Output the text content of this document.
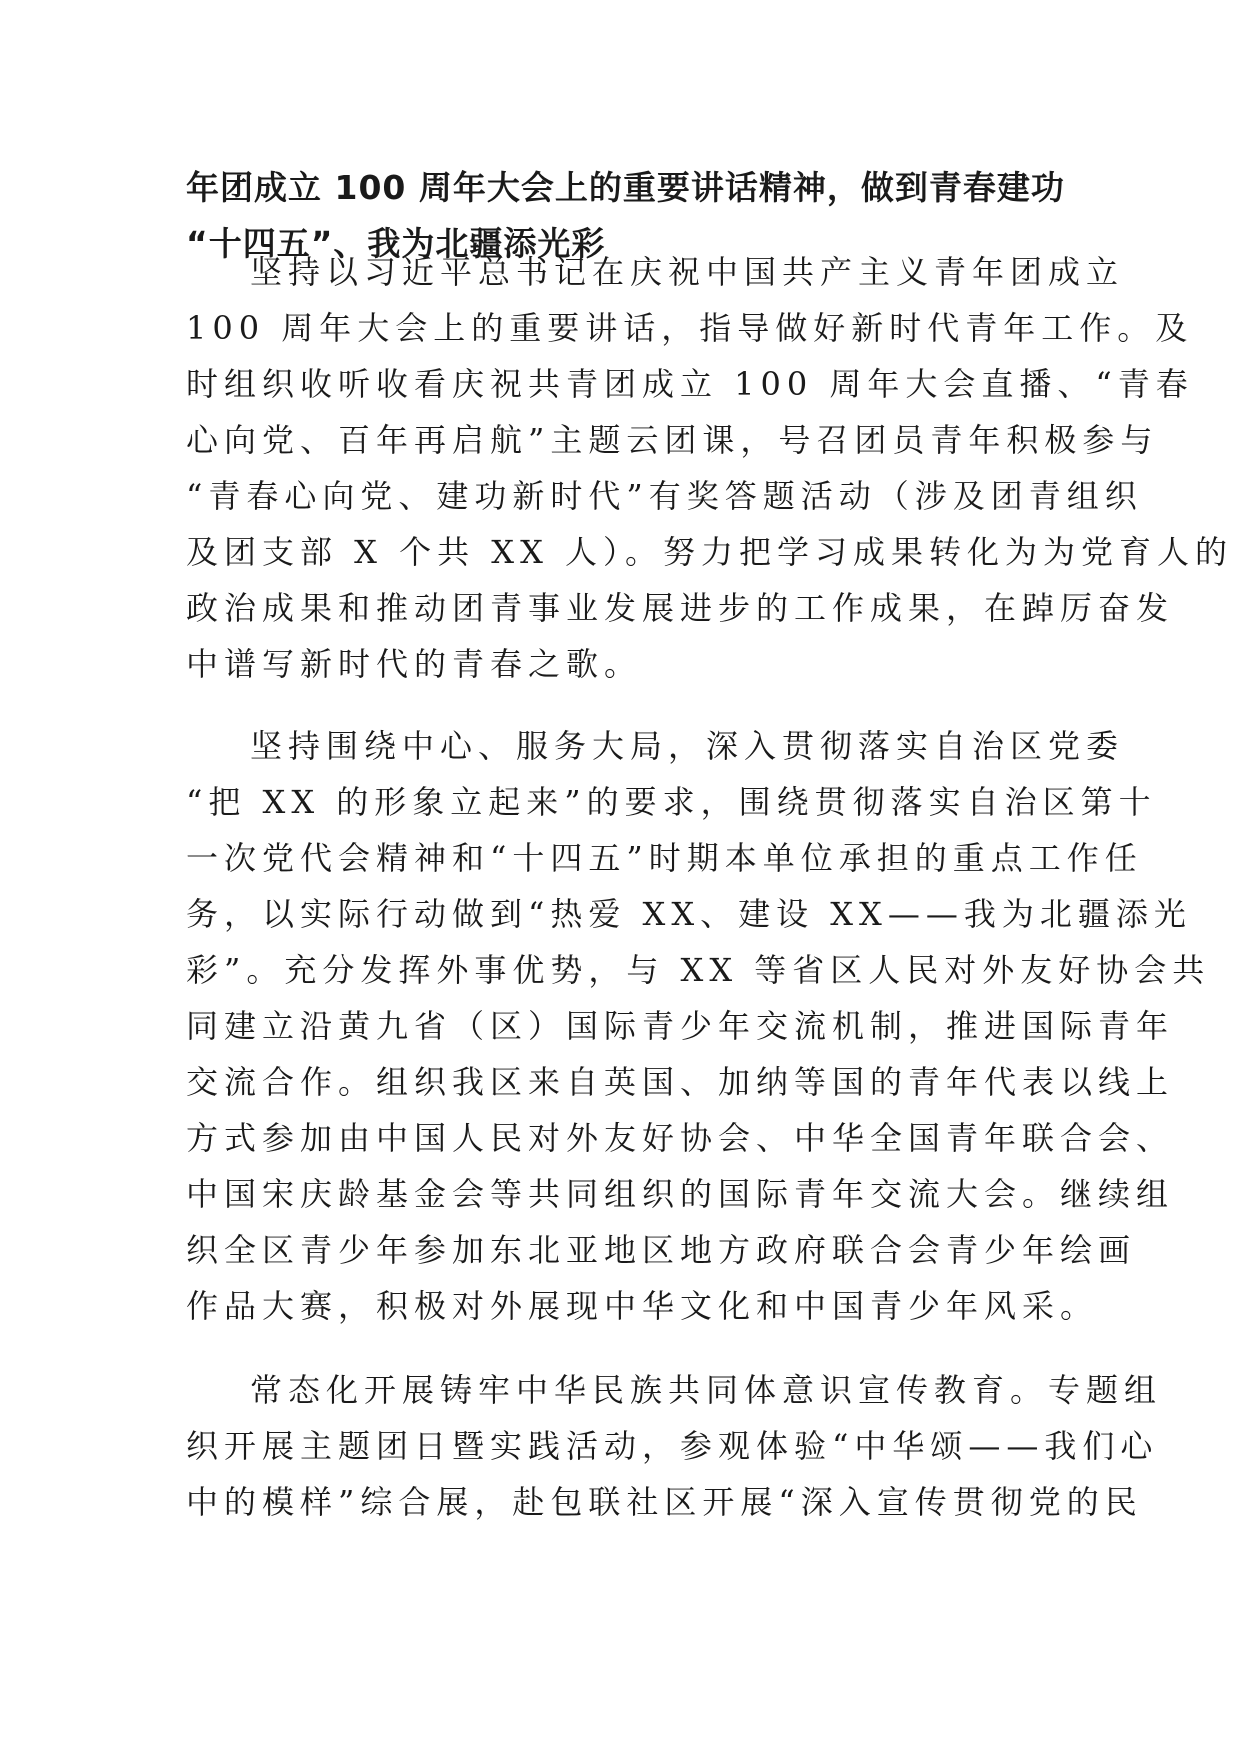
年团成立 100 周年大会上的重要讲话精神，做到青春建功
“十四五”、我为北疆添光彩

坚持以习近平总书记在庆祝中国共产主义青年团成立
100 周年大会上的重要讲话，指导做好新时代青年工作。及
时组织收听收看庆祝共青团成立 100 周年大会直播、“青春
心向党、百年再启航”主题云团课，号召团员青年积极参与
“青春心向党、建功新时代”有奖答题活动（涉及团青组织
及团支部 X 个共 XX 人）。努力把学习成果转化为为党育人的
政治成果和推动团青事业发展进步的工作成果，在踔厉奋发
中谱写新时代的青春之歌。

坚持围绕中心、服务大局，深入贯彻落实自治区党委
“把 XX 的形象立起来”的要求，围绕贯彻落实自治区第十
一次党代会精神和“十四五”时期本单位承担的重点工作任
务，以实际行动做到“热爱 XX、建设 XX——我为北疆添光
彩”。充分发挥外事优势，与 XX 等省区人民对外友好协会共
同建立沿黄九省（区）国际青少年交流机制，推进国际青年
交流合作。组织我区来自英国、加纳等国的青年代表以线上
方式参加由中国人民对外友好协会、中华全国青年联合会、
中国宋庆龄基金会等共同组织的国际青年交流大会。继续组
织全区青少年参加东北亚地区地方政府联合会青少年绘画
作品大赛，积极对外展现中华文化和中国青少年风采。

常态化开展铸牢中华民族共同体意识宣传教育。专题组
织开展主题团日暨实践活动，参观体验“中华颂——我们心
中的模样”综合展，赴包联社区开展“深入宣传贯彻党的民
